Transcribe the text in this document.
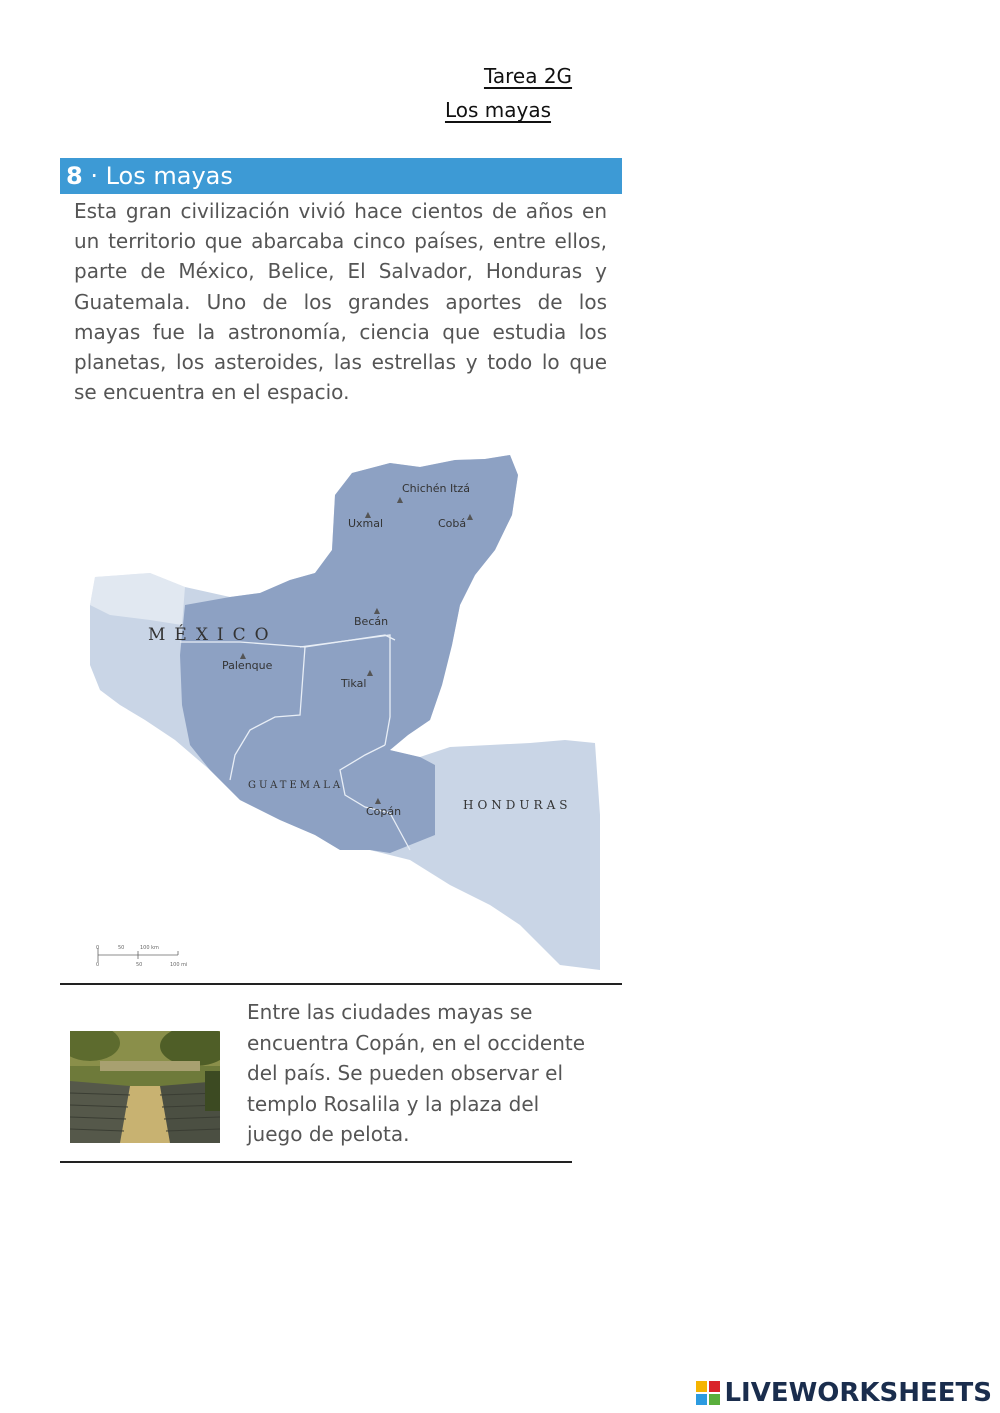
Tarea 2G
Los mayas
8 · Los mayas

Esta gran civilización vivió hace cientos de años en un territorio que abarcaba cinco países, entre ellos, parte de México, Belice, El Salvador, Honduras y Guatemala. Uno de los grandes aportes de los mayas fue la astronomía, ciencia que estudia los planetas, los asteroides, las estrellas y todo lo que se encuentra en el espacio.

▲
▲	▲
▲
▲
▲
▲
Chichén Itzá
Uxmal	Cobá
Becán
Palenque
Tikal
Copán
MÉXICO
GUATEMALA
HONDURAS
0	50	100 km
0	50	100 mi

Entre las ciudades mayas se encuentra Copán, en el occidente del país. Se pueden observar el templo Rosalila y la plaza del juego de pelota.

LIVEWORKSHEETS
